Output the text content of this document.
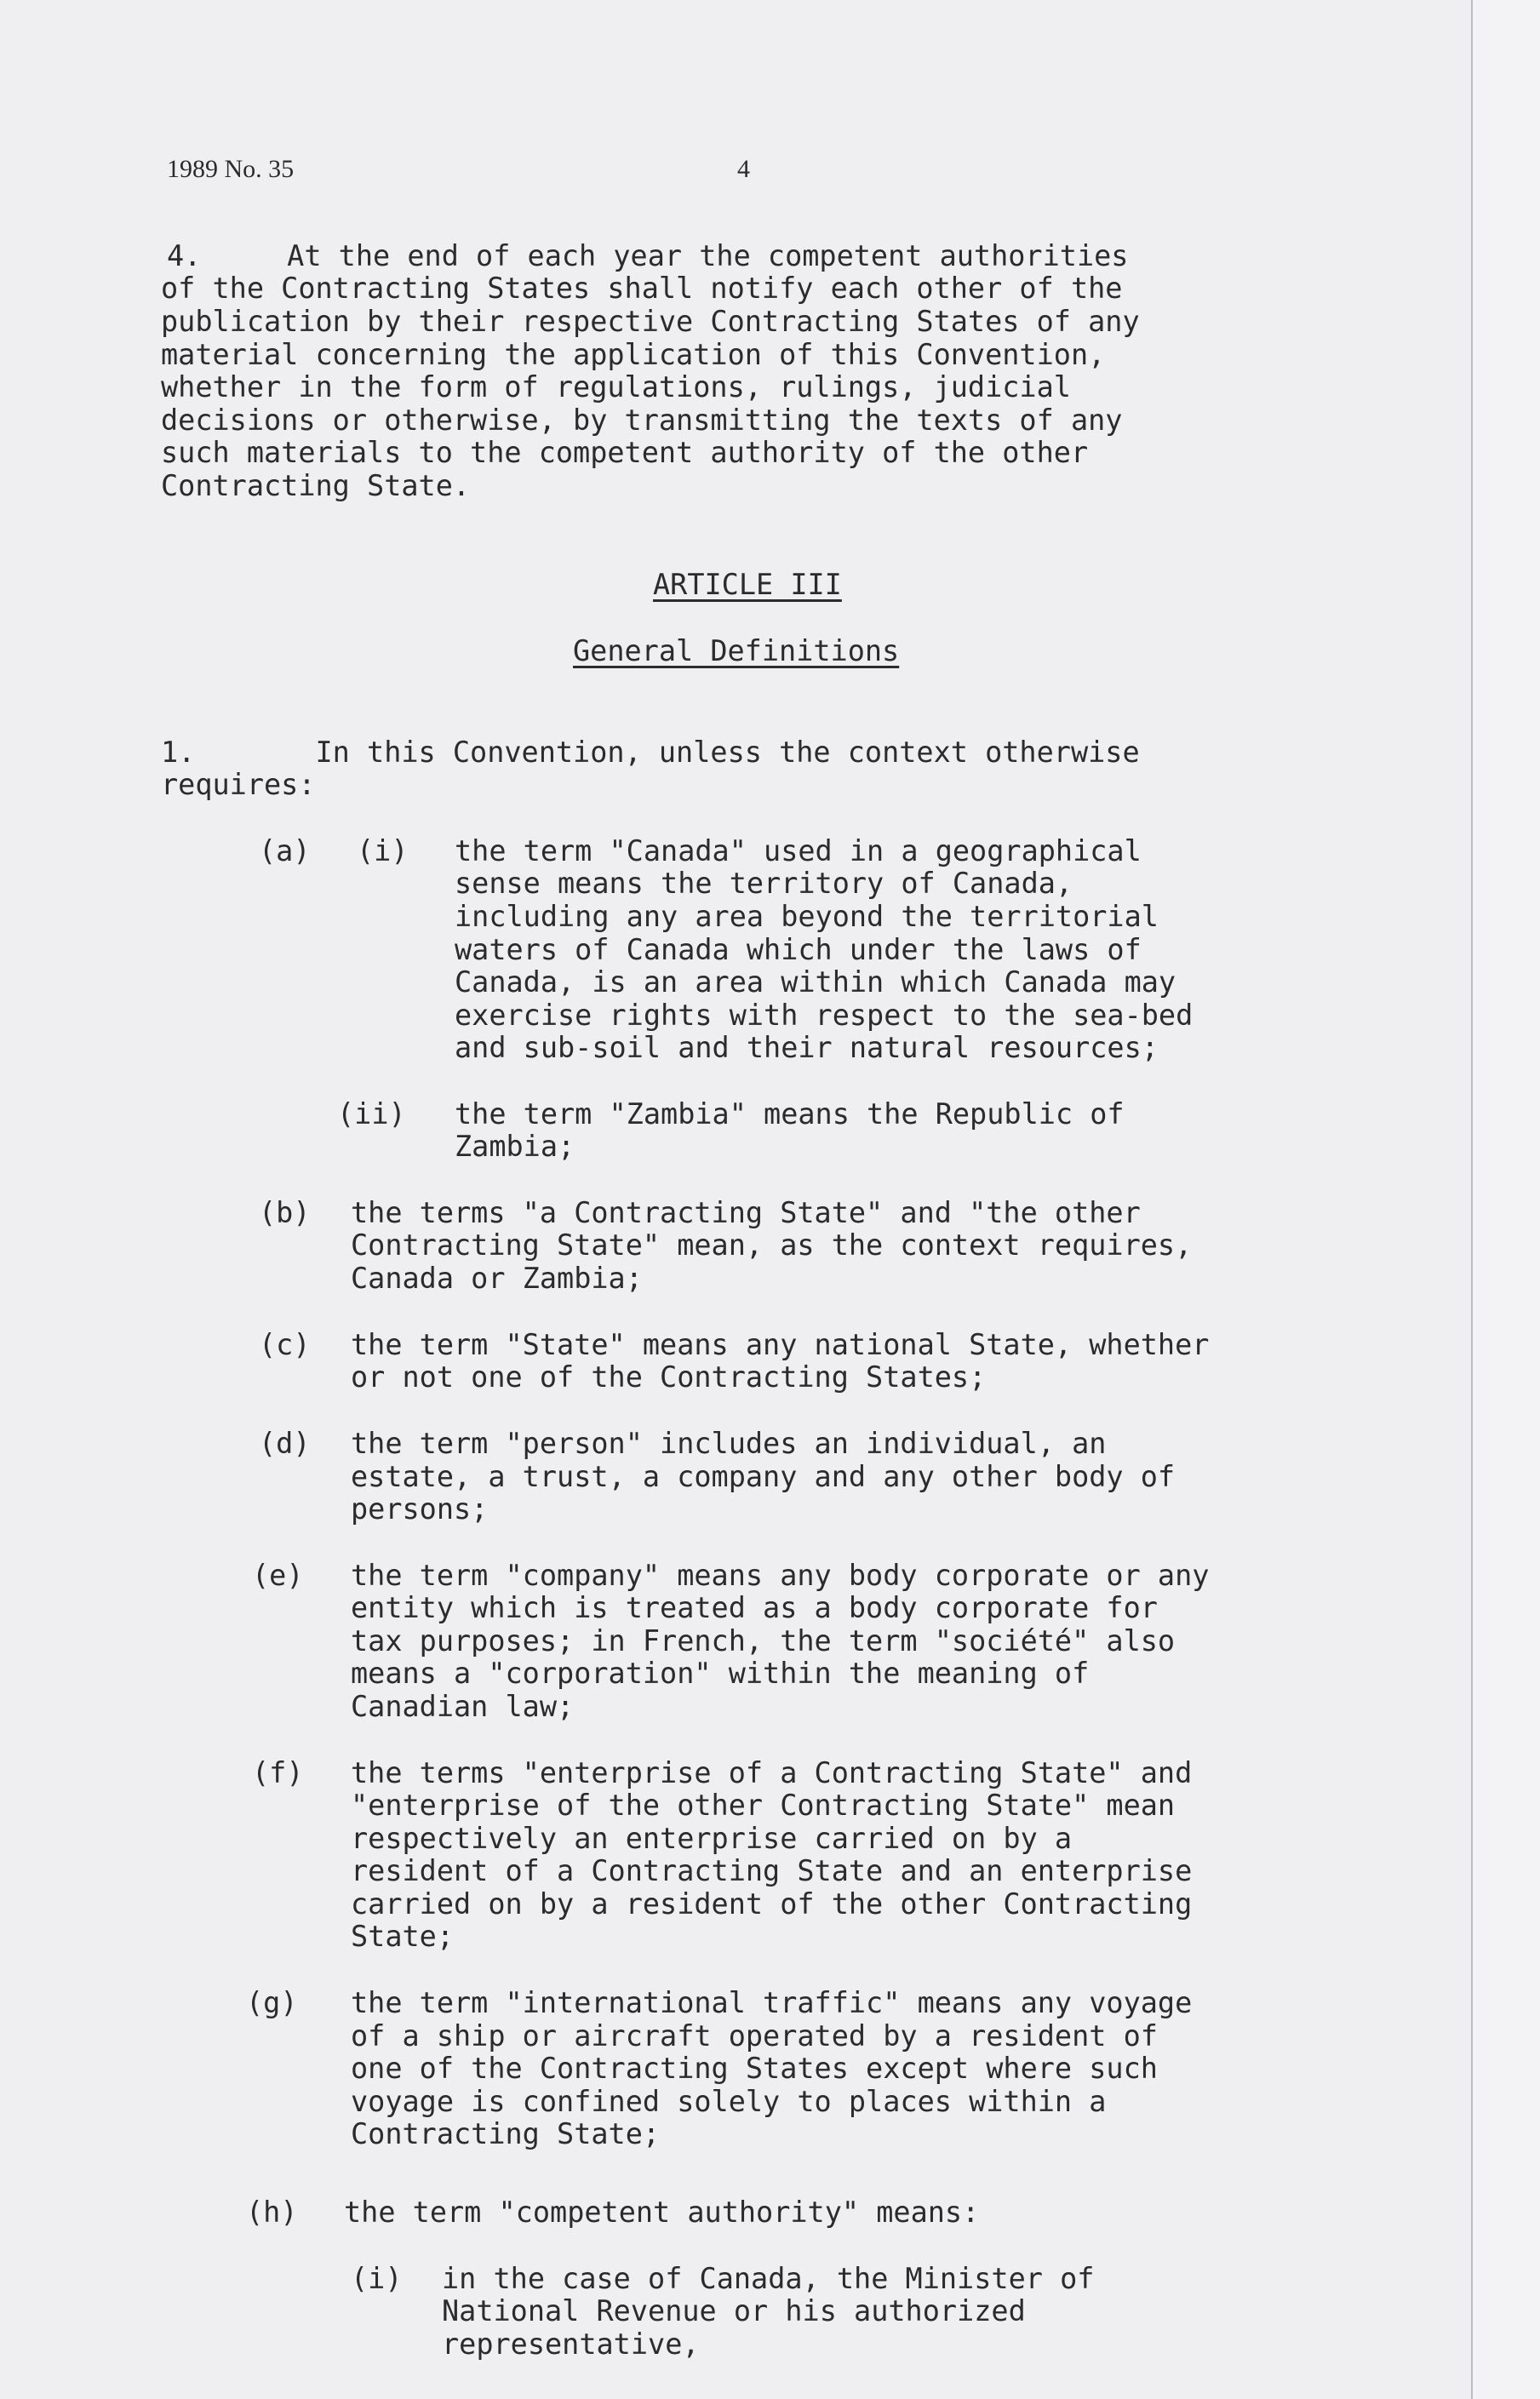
1989 No. 35	4
4.     At the end of each year the competent authorities
of the Contracting States shall notify each other of the
publication by their respective Contracting States of any
material concerning the application of this Convention,
whether in the form of regulations, rulings, judicial
decisions or otherwise, by transmitting the texts of any
such materials to the competent authority of the other
Contracting State.
ARTICLE III
General Definitions
1.       In this Convention, unless the context otherwise
requires:
(a) (i) the term "Canada" used in a geographical
sense means the territory of Canada,
including any area beyond the territorial
waters of Canada which under the laws of
Canada, is an area within which Canada may
exercise rights with respect to the sea-bed
and sub-soil and their natural resources;
(ii) the term "Zambia" means the Republic of
Zambia;
(b) the terms "a Contracting State" and "the other
Contracting State" mean, as the context requires,
Canada or Zambia;
(c) the term "State" means any national State, whether
or not one of the Contracting States;
(d) the term "person" includes an individual, an
estate, a trust, a company and any other body of
persons;
(e) the term "company" means any body corporate or any
entity which is treated as a body corporate for
tax purposes; in French, the term "société" also
means a "corporation" within the meaning of
Canadian law;
(f) the terms "enterprise of a Contracting State" and
"enterprise of the other Contracting State" mean
respectively an enterprise carried on by a
resident of a Contracting State and an enterprise
carried on by a resident of the other Contracting
State;
(g) the term "international traffic" means any voyage
of a ship or aircraft operated by a resident of
one of the Contracting States except where such
voyage is confined solely to places within a
Contracting State;
(h) the term "competent authority" means:
(i) in the case of Canada, the Minister of
National Revenue or his authorized
representative,
